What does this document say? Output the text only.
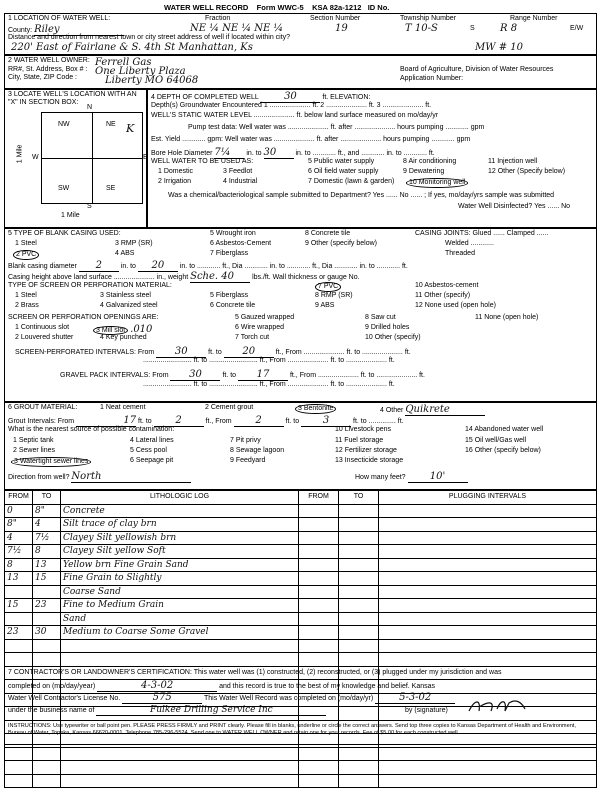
WATER WELL RECORD Form WWC-5 KSA 82a-1212 ID No.
1 LOCATION OF WATER WELL:
County: Riley
Fraction
NE ¼ NE ¼ NE ¼
Section Number
19
Township Number
T 10-S	S
Range Number
R 8	E/W
Distance and direction from nearest town or city street address of well if located within city?
220' East of Fairlane & S. 4th St Manhattan, Ks	MW # 10
2 WATER WELL OWNER:
RR#, St. Address, Box # :
City, State, ZIP Code :
Ferrell Gas
One Liberty Plaza
Liberty MO 64068
Board of Agriculture, Division of Water Resources
Application Number:
3 LOCATE WELL'S LOCATION WITH AN "X" IN SECTION BOX:
NW	NE
SW	SE
K
N
S
E
W
1 Mile
1 Mile
4 DEPTH OF COMPLETED WELL	30	ft. ELEVATION:
Depth(s) Groundwater Encountered 1 ..................... ft. 2 ..................... ft. 3 ..................... ft.
WELL'S STATIC WATER LEVEL ..................... ft. below land surface measured on mo/day/yr
Pump test data: Well water was ..................... ft. after ..................... hours pumping ............ gpm
Est. Yield ............ gpm: Well water was ..................... ft. after ..................... hours pumping ............ gpm
Bore Hole Diameter 7¼ in. to 30	in. to ............ ft., and ............ in. to ............ ft.
WELL WATER TO BE USED AS:	5 Public water supply	8 Air conditioning	11 Injection well
1 Domestic	3 Feedlot	6 Oil field water supply	9 Dewatering	12 Other (Specify below)
2 Irrigation	4 Industrial	7 Domestic (lawn & garden)	10 Monitoring well
Was a chemical/bacteriological sample submitted to Department? Yes ...... No ...... ; If yes, mo/day/yrs sample was submitted
Water Well Disinfected? Yes ...... No
5 TYPE OF BLANK CASING USED:
1 Steel
2 PVC
3 RMP (SR)
4 ABS
5 Wrought iron
6 Asbestos-Cement
7 Fiberglass
8 Concrete tile
9 Other (specify below)
CASING JOINTS: Glued ...... Clamped ......
Welded ............
Threaded
Blank casing diameter 2 in. to 20 in. to ............ ft., Dia ............ in. to ............ ft., Dia ............ in. to ............ ft.
Casing height above land surface ..................... in., weight Sche. 40	lbs./ft. Wall thickness or gauge No.
TYPE OF SCREEN OR PERFORATION MATERIAL:
1 Steel
2 Brass
3 Stainless steel
4 Galvanized steel
5 Fiberglass
6 Concrete tile
7 PVC
8 RMP (SR)
9 ABS
10 Asbestos-cement
11 Other (specify)
12 None used (open hole)
SCREEN OR PERFORATION OPENINGS ARE:
1 Continuous slot
2 Louvered shutter
3 Mill slot .010
4 Key punched
5 Gauzed wrapped
6 Wire wrapped
7 Torch cut
8 Saw cut
9 Drilled holes
10 Other (specify)
11 None (open hole)
SCREEN-PERFORATED INTERVALS: From 30	ft. to 20	ft., From ..................... ft. to ..................... ft.
......................... ft. to ......................... ft., From ..................... ft. to ..................... ft.
GRAVEL PACK INTERVALS: From 30	ft. to 17	ft., From ..................... ft. to ..................... ft.
......................... ft. to ......................... ft., From ..................... ft. to ..................... ft.
6 GROUT MATERIAL:	1 Neat cement	2 Cement grout	3 Bentonite	4 Other Quikrete
Grout Intervals: From	17 ft. to 2	ft., From 2	ft. to 3	ft. to .............. ft.
What is the nearest source of possible contamination:
1 Septic tank	4 Lateral lines	7 Pit privy
10 Livestock pens	14 Abandoned water well
2 Sewer lines	5 Cess pool	8 Sewage lagoon
11 Fuel storage	15 Oil well/Gas well
3 Watertight sewer lines	6 Seepage pit	9 Feedyard
12 Fertilizer storage	16 Other (specify below)
13 Insecticide storage
Direction from well? North	How many feet? 10'
FROM	TO	LITHOLOGIC LOG	FROM	TO	PLUGGING INTERVALS
0	8"	Concrete			
8"	4	Silt trace of clay brn			
4	7½	Clayey Silt yellowish brn			
7½	8	Clayey Silt yellow Soft			
8	13	Yellow brn Fine Grain Sand			
13	15	Fine Grain to Slightly			
		Coarse Sand			
15	23	Fine to Medium Grain			
		Sand			
23	30	Medium to Coarse Some Gravel			

7 CONTRACTOR'S OR LANDOWNER'S CERTIFICATION: This water well was (1) constructed, (2) reconstructed, or (3) plugged under my jurisdiction and was
completed on (mo/day/year)	4-3-02	and this record is true to the best of my knowledge and belief. Kansas
Water Well Contractor's License No.	575	This Water Well Record was completed on (mo/day/yr)	5-3-02
under the business name of	Fulkee Drilling Service Inc	by (signature)
INSTRUCTIONS: Use typewriter or ball point pen. PLEASE PRESS FIRMLY and PRINT clearly. Please fill in blanks, underline or circle the correct answers. Send top three copies to Kansas Department of Health and Environment, Bureau of Water, Topeka, Kansas 66620-0001. Telephone 785-296-5524. Send one to WATER WELL OWNER and retain one for your records. Fee of $5.00 for each constructed well.
